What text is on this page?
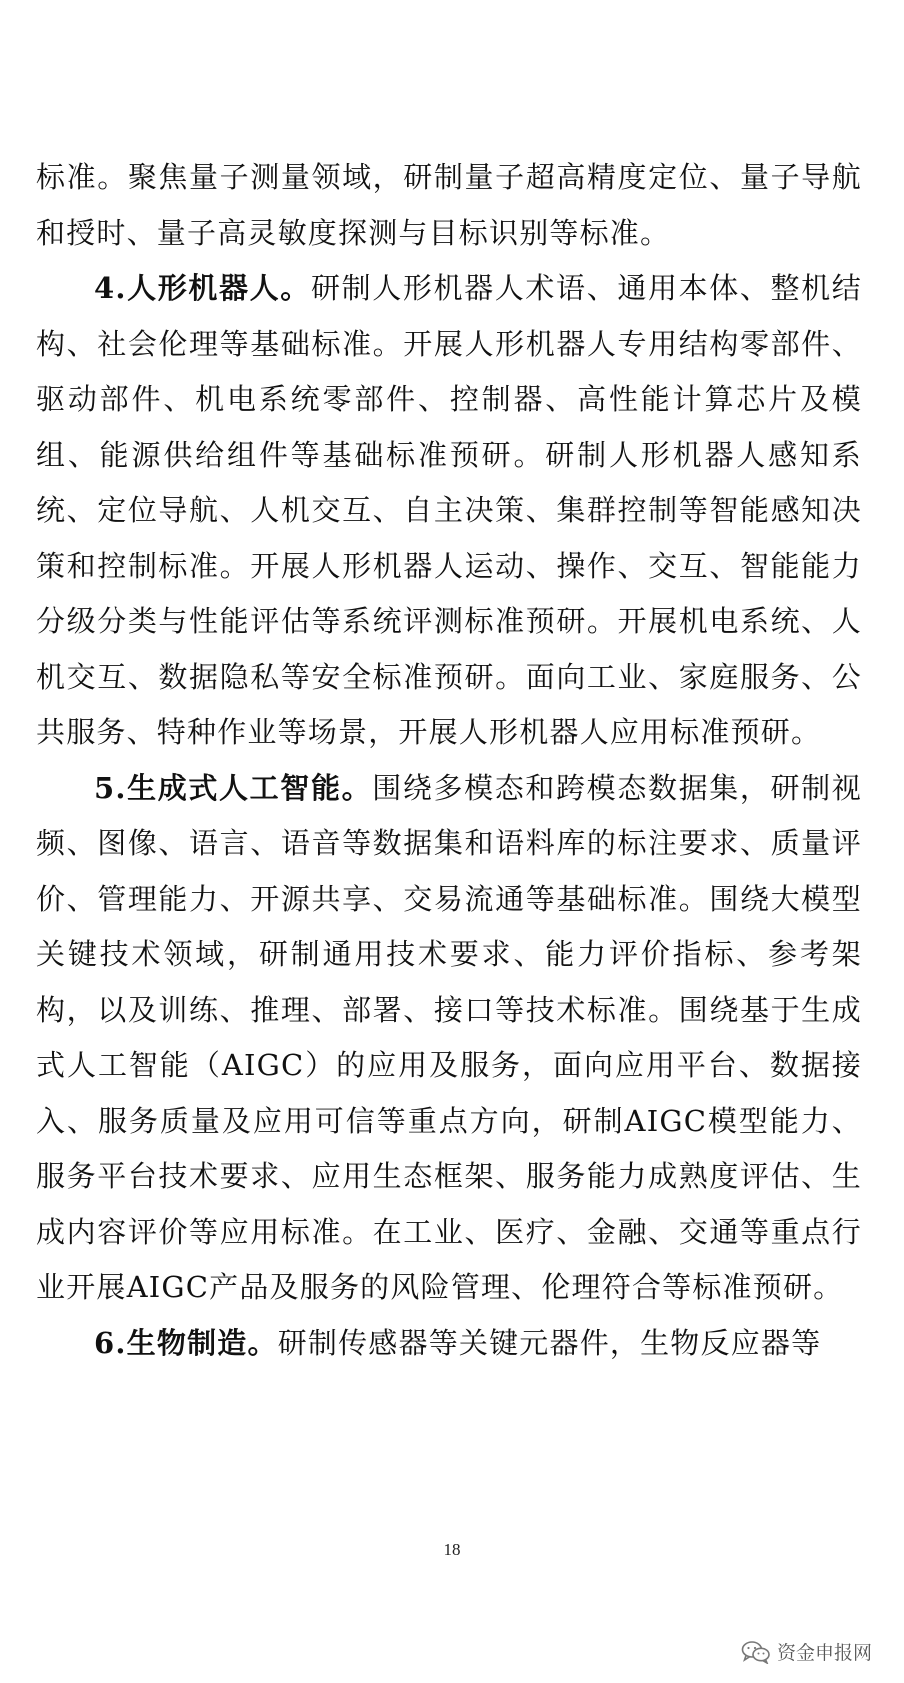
标准。聚焦量子测量领域，研制量子超高精度定位、量子导航和授时、量子高灵敏度探测与目标识别等标准。

4.人形机器人。研制人形机器人术语、通用本体、整机结构、社会伦理等基础标准。开展人形机器人专用结构零部件、驱动部件、机电系统零部件、控制器、高性能计算芯片及模组、能源供给组件等基础标准预研。研制人形机器人感知系统、定位导航、人机交互、自主决策、集群控制等智能感知决策和控制标准。开展人形机器人运动、操作、交互、智能能力分级分类与性能评估等系统评测标准预研。开展机电系统、人机交互、数据隐私等安全标准预研。面向工业、家庭服务、公共服务、特种作业等场景，开展人形机器人应用标准预研。

5.生成式人工智能。围绕多模态和跨模态数据集，研制视频、图像、语言、语音等数据集和语料库的标注要求、质量评价、管理能力、开源共享、交易流通等基础标准。围绕大模型关键技术领域，研制通用技术要求、能力评价指标、参考架构，以及训练、推理、部署、接口等技术标准。围绕基于生成式人工智能（AIGC）的应用及服务，面向应用平台、数据接入、服务质量及应用可信等重点方向，研制AIGC模型能力、服务平台技术要求、应用生态框架、服务能力成熟度评估、生成内容评价等应用标准。在工业、医疗、金融、交通等重点行业开展AIGC产品及服务的风险管理、伦理符合等标准预研。

6.生物制造。研制传感器等关键元器件，生物反应器等

18
资金申报网
